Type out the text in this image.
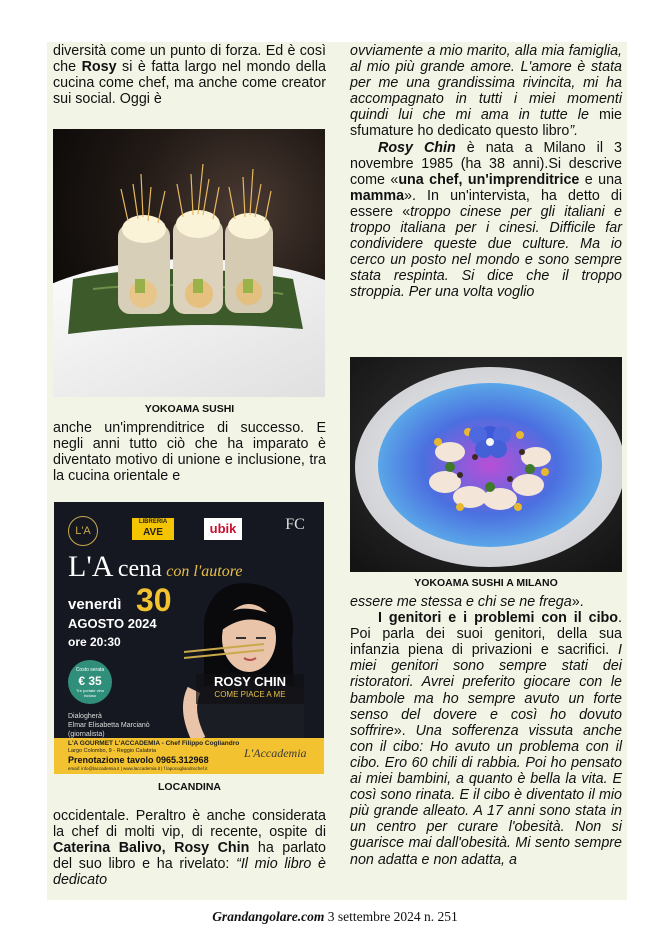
diversità come un punto di forza. Ed è così che Rosy si è fatta largo nel mondo della cucina come chef, ma anche come creator sui social. Oggi è

YOKOAMA SUSHI

anche un'imprenditrice di successo. E negli anni tutto ciò che ha imparato è diventato motivo di unione e inclusione, tra la cucina orientale e

L'A
LIBRERIA
AVE	ubik	FC
L'A cena con l'autore
venerdì 30
AGOSTO 2024
ore 20:30
Costo serata
€ 35
Tre portate vino incluso
ROSY CHIN
COME PIACE A ME
Dialogherà
Elmar Elisabetta Marcianò
(giornalista)
L'A GOURMET L'ACCADEMIA - Chef Filippo Cogliandro
Largo Colombo, 9 - Reggio Calabria
Prenotazione tavolo 0965.312968
email: info@laccademia.it | www.laccademia.it | f lapocogliandrochef.it
L'Accademia
LOCANDINA

occidentale. Peraltro è anche considerata la chef di molti vip, di recente, ospite di Caterina Balivo, Rosy Chin ha parlato del suo libro e ha rivelato: “Il mio libro è dedicato

ovviamente a mio marito, alla mia famiglia, al mio più grande amore. L'amore è stata per me una grandissima rivincita, mi ha accompagnato in tutti i miei momenti quindi lui che mi ama in tutte le mie sfumature ho dedicato questo libro”.

Rosy Chin è nata a Milano il 3 novembre 1985 (ha 38 anni).Si descrive come «una chef, un'imprenditrice e una mamma». In un'intervista, ha detto di essere «troppo cinese per gli italiani e troppo italiana per i cinesi. Difficile far condividere queste due culture. Ma io cerco un posto nel mondo e sono sempre stata respinta. Si dice che il troppo stroppia. Per una volta voglio

YOKOAMA SUSHI A MILANO

essere me stessa e chi se ne frega».

I genitori e i problemi con il cibo. Poi parla dei suoi genitori, della sua infanzia piena di privazioni e sacrifici. I miei genitori sono sempre stati dei ristoratori. Avrei preferito giocare con le bambole ma ho sempre avuto un forte senso del dovere e così ho dovuto soffrire». Una sofferenza vissuta anche con il cibo: Ho avuto un problema con il cibo. Ero 60 chili di rabbia. Poi ho pensato ai miei bambini, a quanto è bella la vita. E così sono rinata. E il cibo è diventato il mio più grande alleato. A 17 anni sono stata in un centro per curare l'obesità. Non si guarisce mai dall'obesità. Mi sento sempre non adatta e non adatta, a

Grandangolare.com 3 settembre 2024 n. 251
